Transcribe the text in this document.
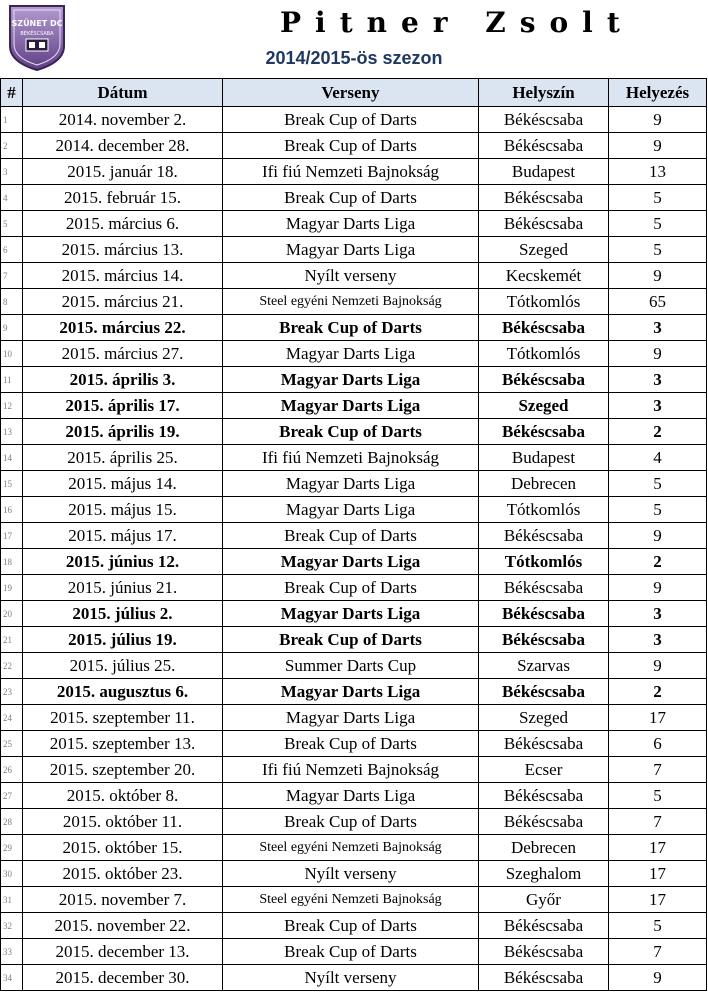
SZÜNET DC
BÉKÉSCSABA	Pitner Zsolt
2014/2015-ös szezon
#	Dátum	Verseny	Helyszín	Helyezés
1	2014. november 2.	Break Cup of Darts	Békéscsaba	9
2	2014. december 28.	Break Cup of Darts	Békéscsaba	9
3	2015. január 18.	Ifi fiú Nemzeti Bajnokság	Budapest	13
4	2015. február 15.	Break Cup of Darts	Békéscsaba	5
5	2015. március 6.	Magyar Darts Liga	Békéscsaba	5
6	2015. március 13.	Magyar Darts Liga	Szeged	5
7	2015. március 14.	Nyílt verseny	Kecskemét	9
8	2015. március 21.	Steel egyéni Nemzeti Bajnokság	Tótkomlós	65
9	2015. március 22.	Break Cup of Darts	Békéscsaba	3
10	2015. március 27.	Magyar Darts Liga	Tótkomlós	9
11	2015. április 3.	Magyar Darts Liga	Békéscsaba	3
12	2015. április 17.	Magyar Darts Liga	Szeged	3
13	2015. április 19.	Break Cup of Darts	Békéscsaba	2
14	2015. április 25.	Ifi fiú Nemzeti Bajnokság	Budapest	4
15	2015. május 14.	Magyar Darts Liga	Debrecen	5
16	2015. május 15.	Magyar Darts Liga	Tótkomlós	5
17	2015. május 17.	Break Cup of Darts	Békéscsaba	9
18	2015. június 12.	Magyar Darts Liga	Tótkomlós	2
19	2015. június 21.	Break Cup of Darts	Békéscsaba	9
20	2015. július 2.	Magyar Darts Liga	Békéscsaba	3
21	2015. július 19.	Break Cup of Darts	Békéscsaba	3
22	2015. július 25.	Summer Darts Cup	Szarvas	9
23	2015. augusztus 6.	Magyar Darts Liga	Békéscsaba	2
24	2015. szeptember 11.	Magyar Darts Liga	Szeged	17
25	2015. szeptember 13.	Break Cup of Darts	Békéscsaba	6
26	2015. szeptember 20.	Ifi fiú Nemzeti Bajnokság	Ecser	7
27	2015. október 8.	Magyar Darts Liga	Békéscsaba	5
28	2015. október 11.	Break Cup of Darts	Békéscsaba	7
29	2015. október 15.	Steel egyéni Nemzeti Bajnokság	Debrecen	17
30	2015. október 23.	Nyílt verseny	Szeghalom	17
31	2015. november 7.	Steel egyéni Nemzeti Bajnokság	Győr	17
32	2015. november 22.	Break Cup of Darts	Békéscsaba	5
33	2015. december 13.	Break Cup of Darts	Békéscsaba	7
34	2015. december 30.	Nyílt verseny	Békéscsaba	9
